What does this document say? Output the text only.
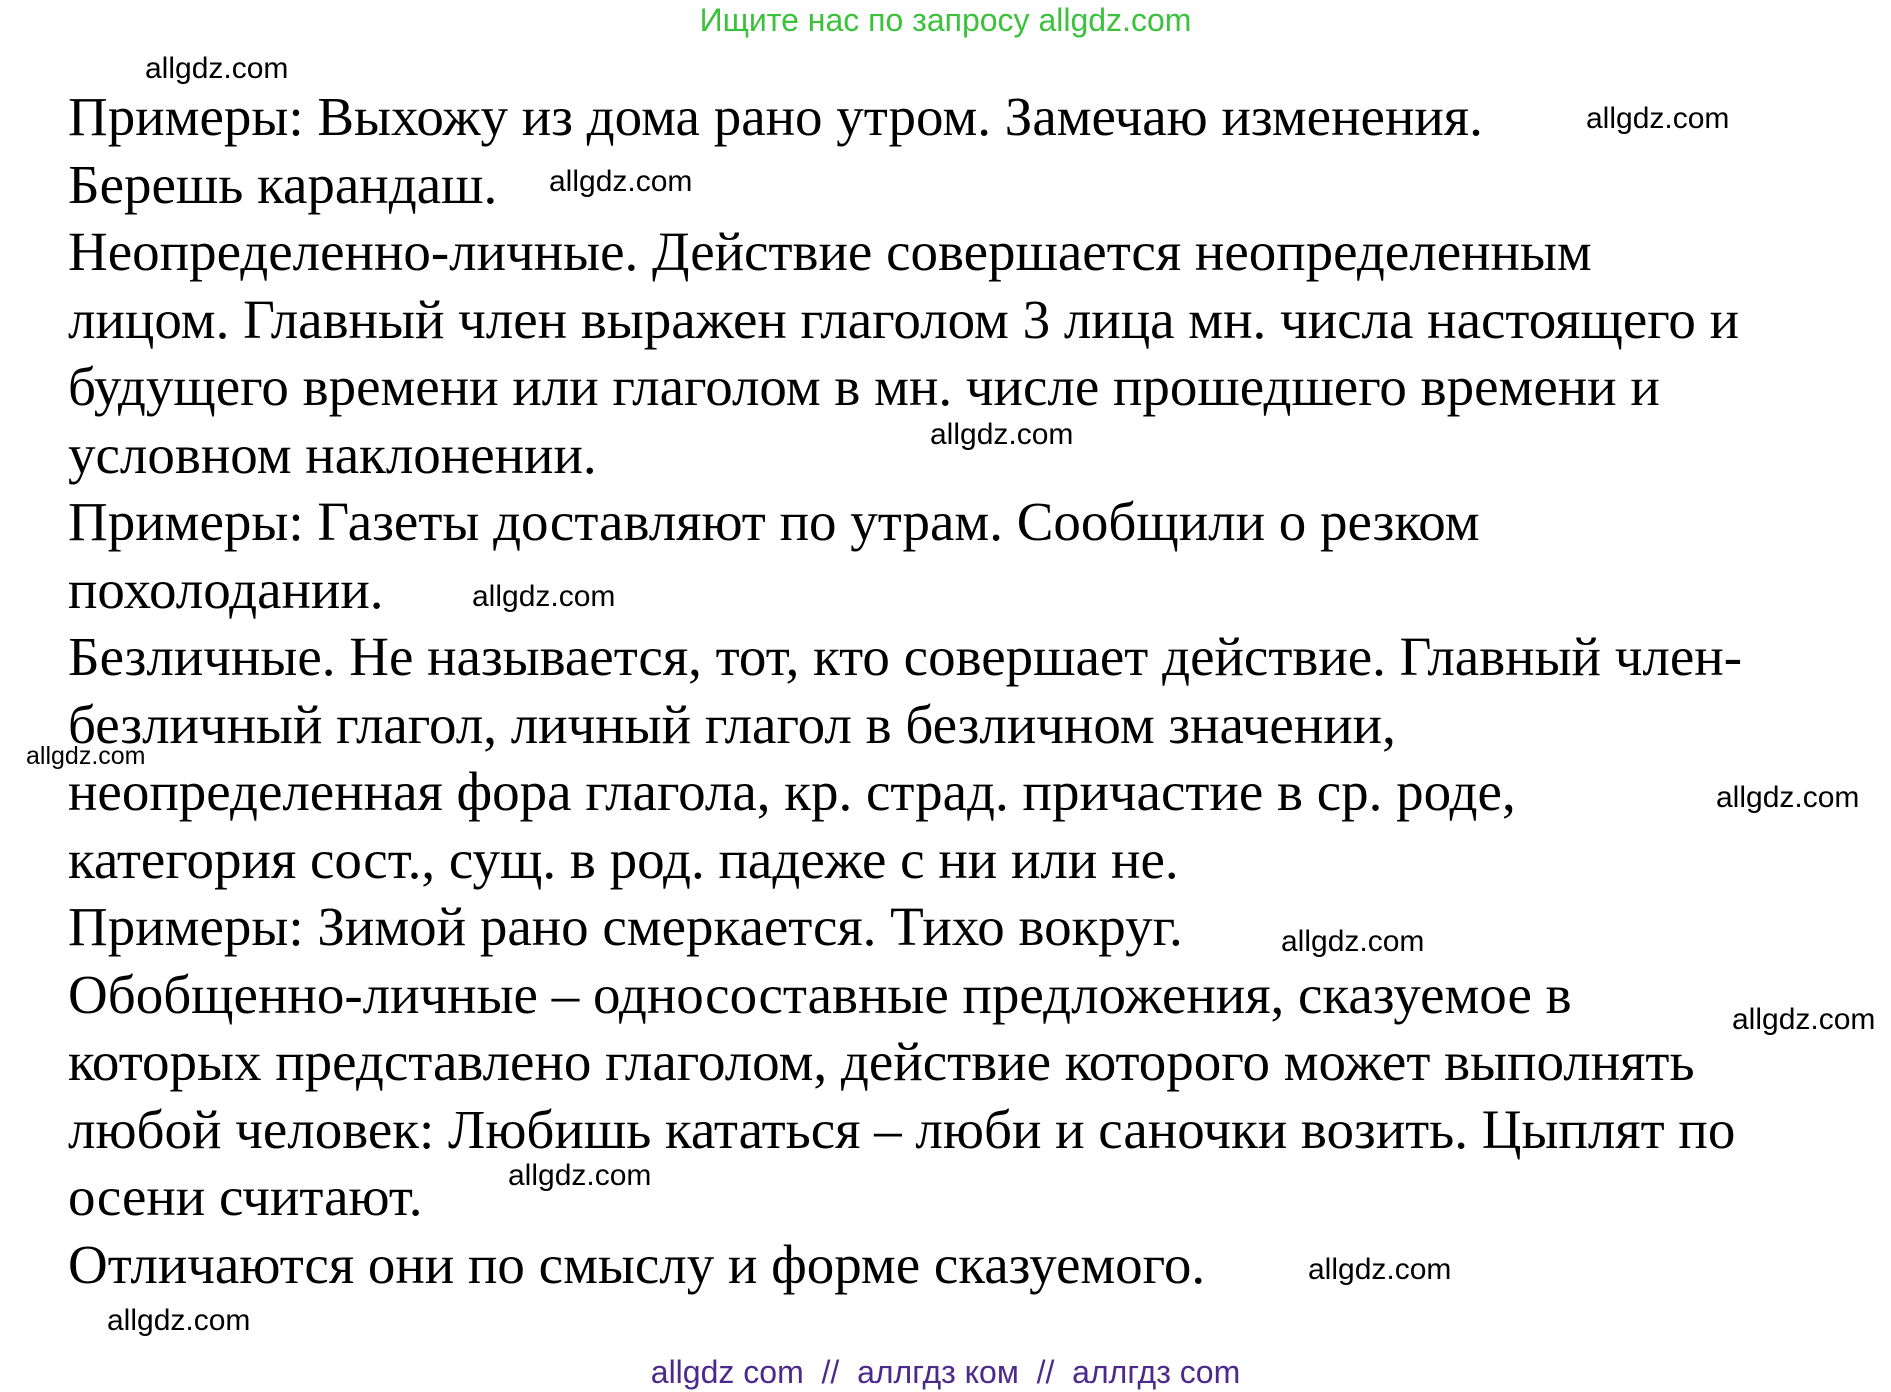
Ищите нас по запросу allgdz.com
Примеры: Выхожу из дома рано утром. Замечаю изменения.
Берешь карандаш.
Неопределенно-личные. Действие совершается неопределенным
лицом. Главный член выражен глаголом 3 лица мн. числа настоящего и
будущего времени или глаголом в мн. числе прошедшего времени и
условном наклонении.
Примеры: Газеты доставляют по утрам. Сообщили о резком
похолодании.
Безличные. Не называется, тот, кто совершает действие. Главный член-
безличный глагол, личный глагол в безличном значении,
неопределенная фора глагола, кр. страд. причастие в ср. роде,
категория сост., сущ. в род. падеже с ни или не.
Примеры: Зимой рано смеркается. Тихо вокруг.
Обобщенно-личные – односоставные предложения, сказуемое в
которых представлено глаголом, действие которого может выполнять
любой человек: Любишь кататься – люби и саночки возить. Цыплят по
осени считают.
Отличаются они по смыслу и форме сказуемого.
allgdz.com
allgdz.com
allgdz.com
allgdz.com
allgdz.com
allgdz.com
allgdz.com
allgdz.com
allgdz.com
allgdz.com
allgdz.com
allgdz.com
allgdz com  //  аллгдз ком  //  аллгдз com
